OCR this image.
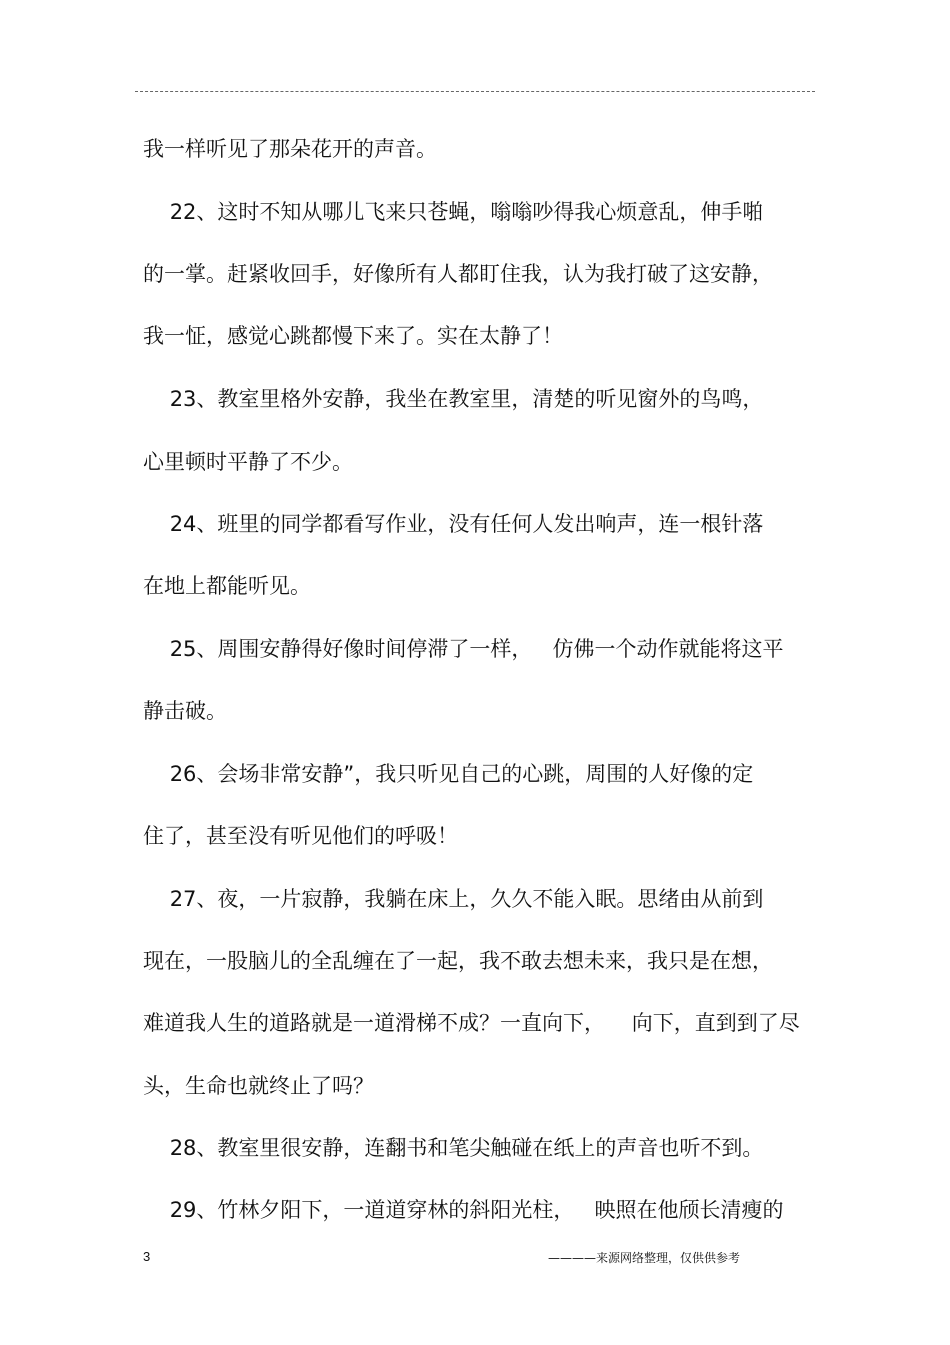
我一样听见了那朵花开的声音。

22、这时不知从哪儿飞来只苍蝇，嗡嗡吵得我心烦意乱，伸手啪

的一掌。赶紧收回手，好像所有人都盯住我，认为我打破了这安静，

我一怔，感觉心跳都慢下来了。实在太静了！

23、教室里格外安静，我坐在教室里，清楚的听见窗外的鸟鸣，

心里顿时平静了不少。

24、班里的同学都看写作业，没有任何人发出响声，连一根针落

在地上都能听见。

25、周围安静得好像时间停滞了一样，   仿佛一个动作就能将这平

静击破。

26、会场非常安静”，我只听见自己的心跳，周围的人好像的定

住了，甚至没有听见他们的呼吸！

27、夜，一片寂静，我躺在床上，久久不能入眠。思绪由从前到

现在，一股脑儿的全乱缠在了一起，我不敢去想未来，我只是在想，

难道我人生的道路就是一道滑梯不成？一直向下，    向下，直到到了尽

头，生命也就终止了吗？

28、教室里很安静，连翻书和笔尖触碰在纸上的声音也听不到。

29、竹林夕阳下，一道道穿林的斜阳光柱，   映照在他颀长清瘦的

3	————来源网络整理，仅供供参考
